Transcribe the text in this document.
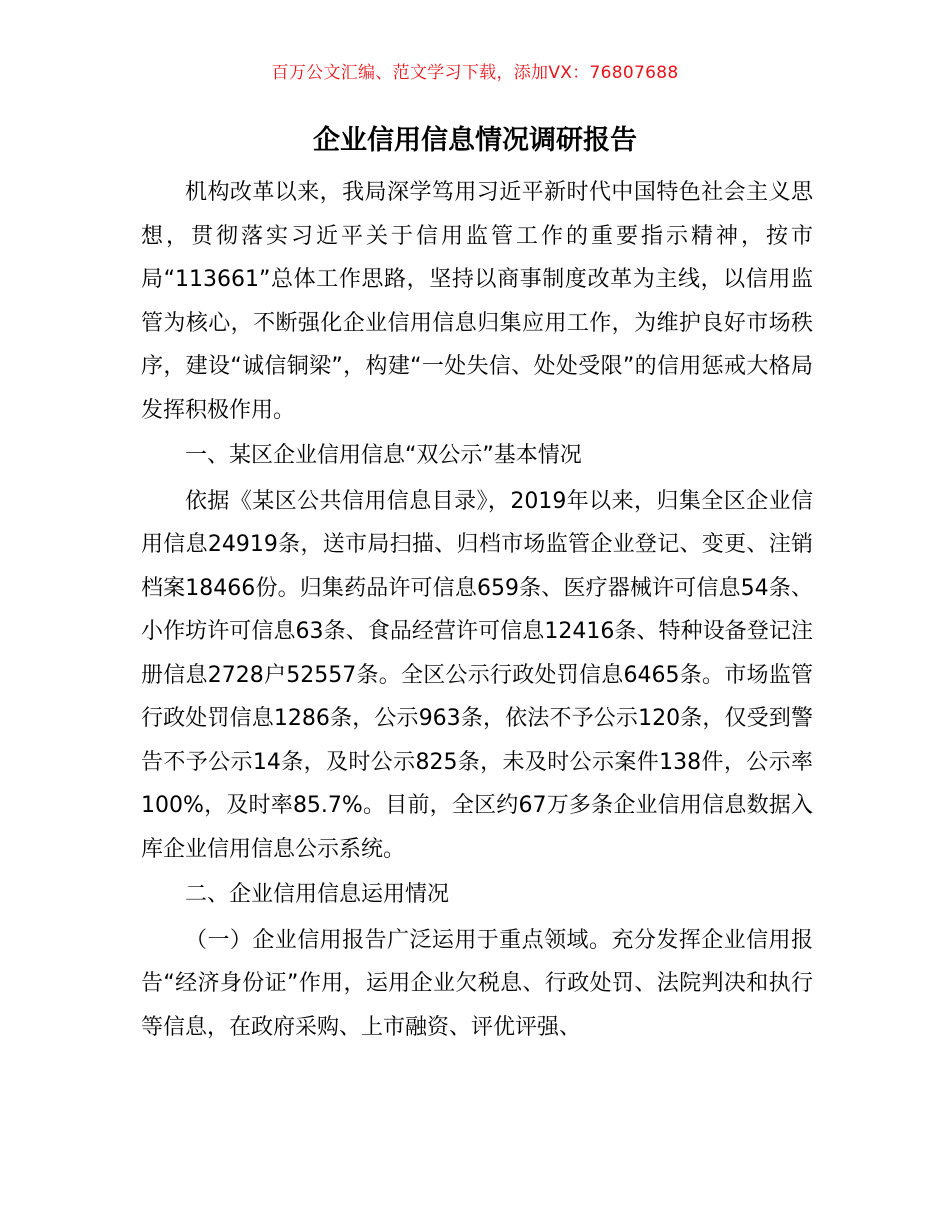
百万公文汇编、范文学习下载，添加VX：76807688
企业信用信息情况调研报告

机构改革以来，我局深学笃用习近平新时代中国特色社会主义思想，贯彻落实习近平关于信用监管工作的重要指示精神，按市局“113661”总体工作思路，坚持以商事制度改革为主线，以信用监管为核心，不断强化企业信用信息归集应用工作，为维护良好市场秩序，建设“诚信铜梁”，构建“一处失信、处处受限”的信用惩戒大格局发挥积极作用。

一、某区企业信用信息“双公示”基本情况

依据《某区公共信用信息目录》，2019年以来，归集全区企业信用信息24919条，送市局扫描、归档市场监管企业登记、变更、注销档案18466份。归集药品许可信息659条、医疗器械许可信息54条、小作坊许可信息63条、食品经营许可信息12416条、特种设备登记注册信息2728户52557条。全区公示行政处罚信息6465条。市场监管行政处罚信息1286条，公示963条，依法不予公示120条，仅受到警告不予公示14条，及时公示825条，未及时公示案件138件，公示率100%，及时率85.7%。目前，全区约67万多条企业信用信息数据入库企业信用信息公示系统。

二、企业信用信息运用情况

（一）企业信用报告广泛运用于重点领域。充分发挥企业信用报告“经济身份证”作用，运用企业欠税息、行政处罚、法院判决和执行等信息，在政府采购、上市融资、评优评强、
